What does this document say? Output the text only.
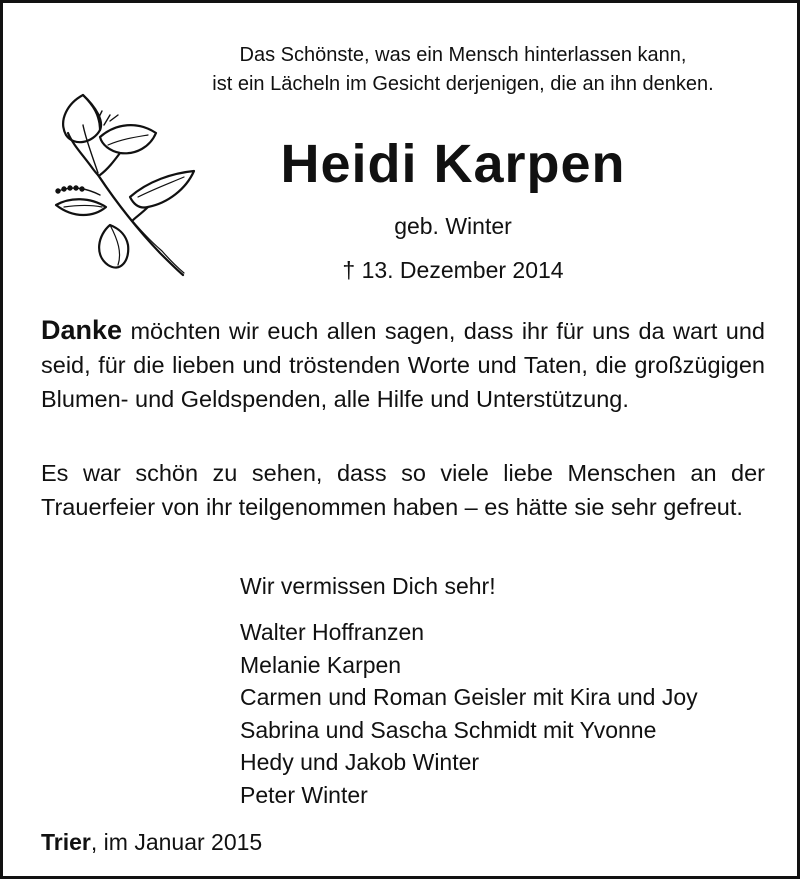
Das Schönste, was ein Mensch hinterlassen kann,
ist ein Lächeln im Gesicht derjenigen, die an ihn denken.
Heidi Karpen
geb. Winter
† 13. Dezember 2014
Danke möchten wir euch allen sagen, dass ihr für uns da wart und seid, für die lieben und tröstenden Worte und Taten, die großzügigen Blumen- und Geldspenden, alle Hilfe und Unterstützung.
Es war schön zu sehen, dass so viele liebe Menschen an der Trauerfeier von ihr teilgenommen haben – es hätte sie sehr gefreut.
Wir vermissen Dich sehr!
Walter Hoffranzen
Melanie Karpen
Carmen und Roman Geisler mit Kira und Joy
Sabrina und Sascha Schmidt mit Yvonne
Hedy und Jakob Winter
Peter Winter
Trier, im Januar 2015
